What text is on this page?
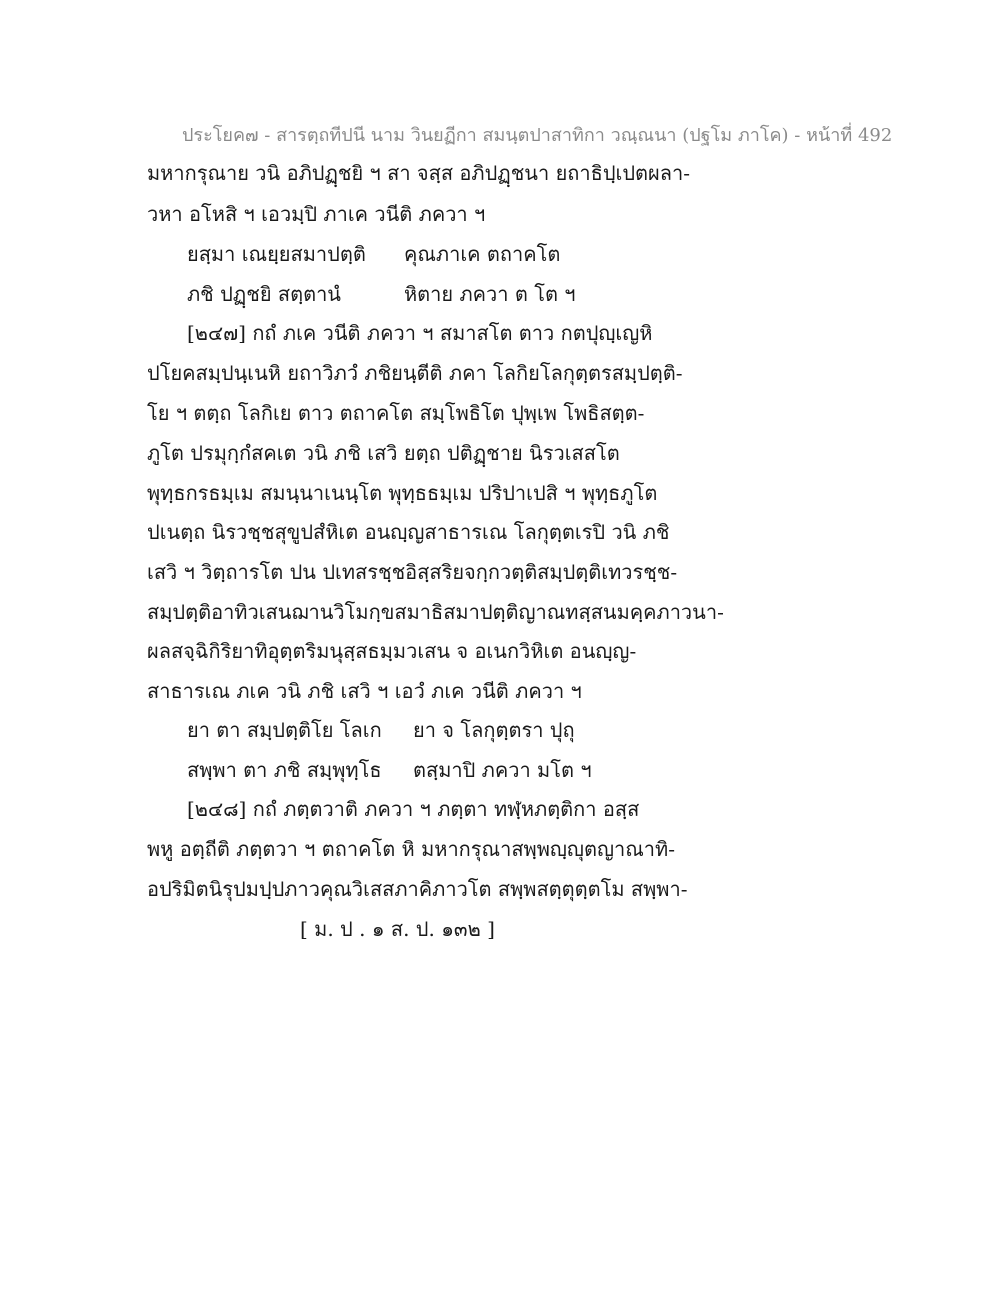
ประโยค๗ - สารตฺถทีปนี นาม วินยฏีกา สมนฺตปาสาทิกา วณฺณนา (ปฐโม ภาโค) - หน้าที่ 492
มหากรุณาย วนิ อภิปฏฺชยิ ฯ สา จสฺส อภิปฏฺชนา ยถาธิปฺเปตผลา-
วหา อโหสิ ฯ เอวมฺปิ ภาเค วนีติ ภควา ฯ
ยสฺมา เณยฺยสมาปตฺติ คุณภาเค ตถาคโต
ภชิ ปฏฺชยิ สตฺตานํ	หิตาย ภควา ต โต ฯ
[๒๔๗] กถํ ภเค วนีติ ภควา ฯ สมาสโต ตาว กตปุญฺเญหิ
ปโยคสมฺปนฺเนหิ ยถาวิภวํ ภชิยนฺตีติ ภคา โลกิยโลกุตฺตรสมฺปตฺติ-
โย ฯ ตตฺถ โลกิเย ตาว ตถาคโต สมฺโพธิโต ปุพฺเพ โพธิสตฺต-
ภูโต ปรมุกฺกํสคเต วนิ ภชิ เสวิ ยตฺถ ปติฏฺชาย นิรวเสสโต
พุทฺธกรธมฺเม สมนฺนาเนนฺโต พุทฺธธมฺเม ปริปาเปสิ ฯ พุทฺธภูโต
ปเนตฺถ นิรวชฺชสุขูปสํหิเต อนญฺญสาธารเณ โลกุตฺตเรปิ วนิ ภชิ
เสวิ ฯ วิตฺถารโต ปน ปเทสรชฺชอิสฺสริยจกฺกวตฺติสมฺปตฺติเทวรชฺช-
สมฺปตฺติอาทิวเสนฌานวิโมกฺขสมาธิสมาปตฺติญาณทสฺสนมคฺคภาวนา-
ผลสจฺฉิกิริยาทิอุตฺตริมนุสฺสธมฺมวเสน จ อเนกวิหิเต อนญฺญ-
สาธารเณ ภเค วนิ ภชิ เสวิ ฯ เอวํ ภเค วนีติ ภควา ฯ
ยา ตา สมฺปตฺติโย โลเก ยา จ โลกุตฺตรา ปุถุ
สพฺพา ตา ภชิ สมฺพุทฺโธ ตสฺมาปิ ภควา มโต ฯ
[๒๔๘] กถํ ภตฺตวาติ ภควา ฯ ภตฺตา ทฬฺหภตฺติกา อสฺส
พหู อตฺถีติ ภตฺตวา ฯ ตถาคโต หิ มหากรุณาสพฺพญฺญุตญาณาทิ-
อปริมิตนิรุปมปฺปภาวคุณวิเสสภาคิภาวโต สพฺพสตฺตุตฺตโม สพฺพา-
[ ม. ป . ๑ ส. ป. ๑๓๒ ]
